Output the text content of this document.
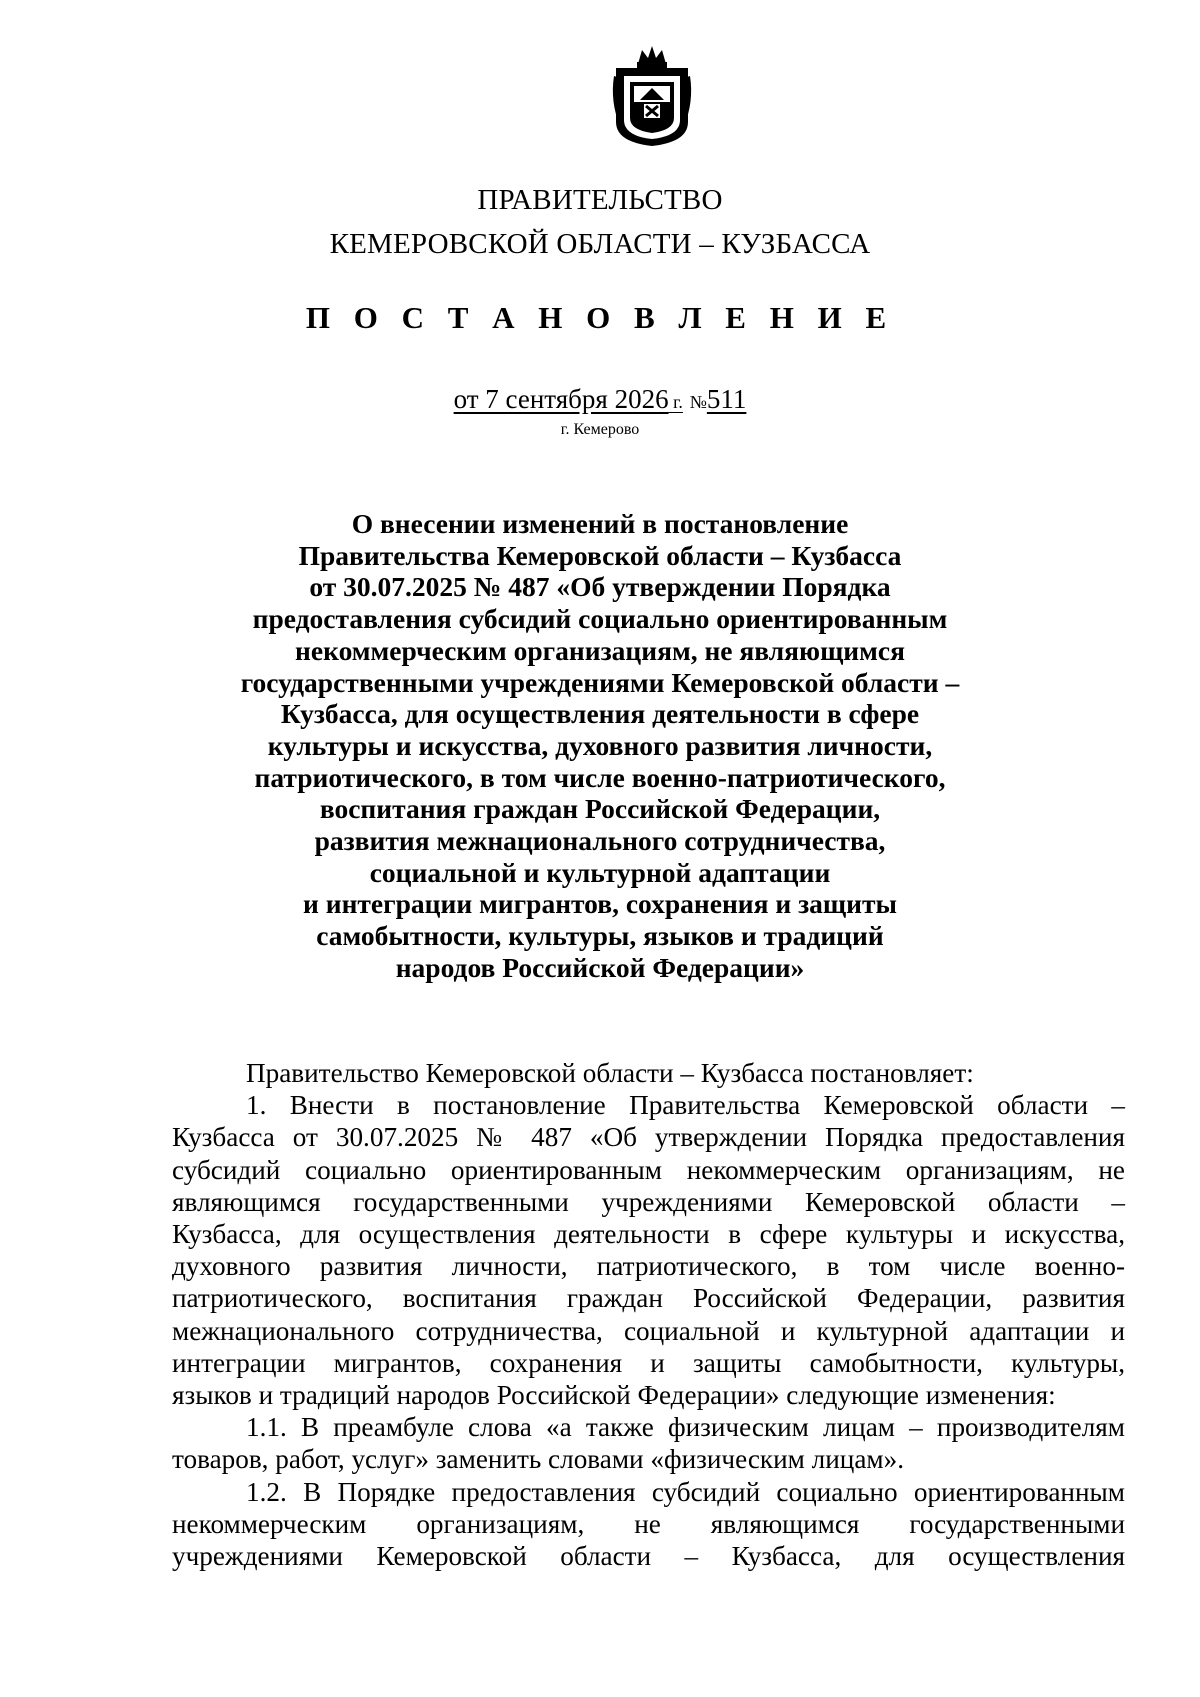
ПРАВИТЕЛЬСТВО
КЕМЕРОВСКОЙ ОБЛАСТИ – КУЗБАССА
П О С Т А Н О В Л Е Н И Е
от 7 сентября 2026 г. №511
г. Кемерово
О внесении изменений в постановление
Правительства Кемеровской области – Кузбасса
от 30.07.2025 № 487 «Об утверждении Порядка
предоставления субсидий социально ориентированным
некоммерческим организациям, не являющимся
государственными учреждениями Кемеровской области –
Кузбасса, для осуществления деятельности в сфере
культуры и искусства, духовного развития личности,
патриотического, в том числе военно-патриотического,
воспитания граждан Российской Федерации,
развития межнационального сотрудничества,
социальной и культурной адаптации
и интеграции мигрантов, сохранения и защиты
самобытности, культуры, языков и традиций
народов Российской Федерации»
Правительство Кемеровской области – Кузбасса постановляет:
1. Внести в постановление Правительства Кемеровской области –
Кузбасса от 30.07.2025 № 487 «Об утверждении Порядка предоставления
субсидий социально ориентированным некоммерческим организациям, не
являющимся государственными учреждениями Кемеровской области –
Кузбасса, для осуществления деятельности в сфере культуры и искусства,
духовного развития личности, патриотического, в том числе военно-
патриотического, воспитания граждан Российской Федерации, развития
межнационального сотрудничества, социальной и культурной адаптации и
интеграции мигрантов, сохранения и защиты самобытности, культуры,
языков и традиций народов Российской Федерации» следующие изменения:
1.1. В преамбуле слова «а также физическим лицам – производителям
товаров, работ, услуг» заменить словами «физическим лицам».
1.2. В Порядке предоставления субсидий социально ориентированным
некоммерческим организациям, не являющимся государственными
учреждениями Кемеровской области – Кузбасса, для осуществления
